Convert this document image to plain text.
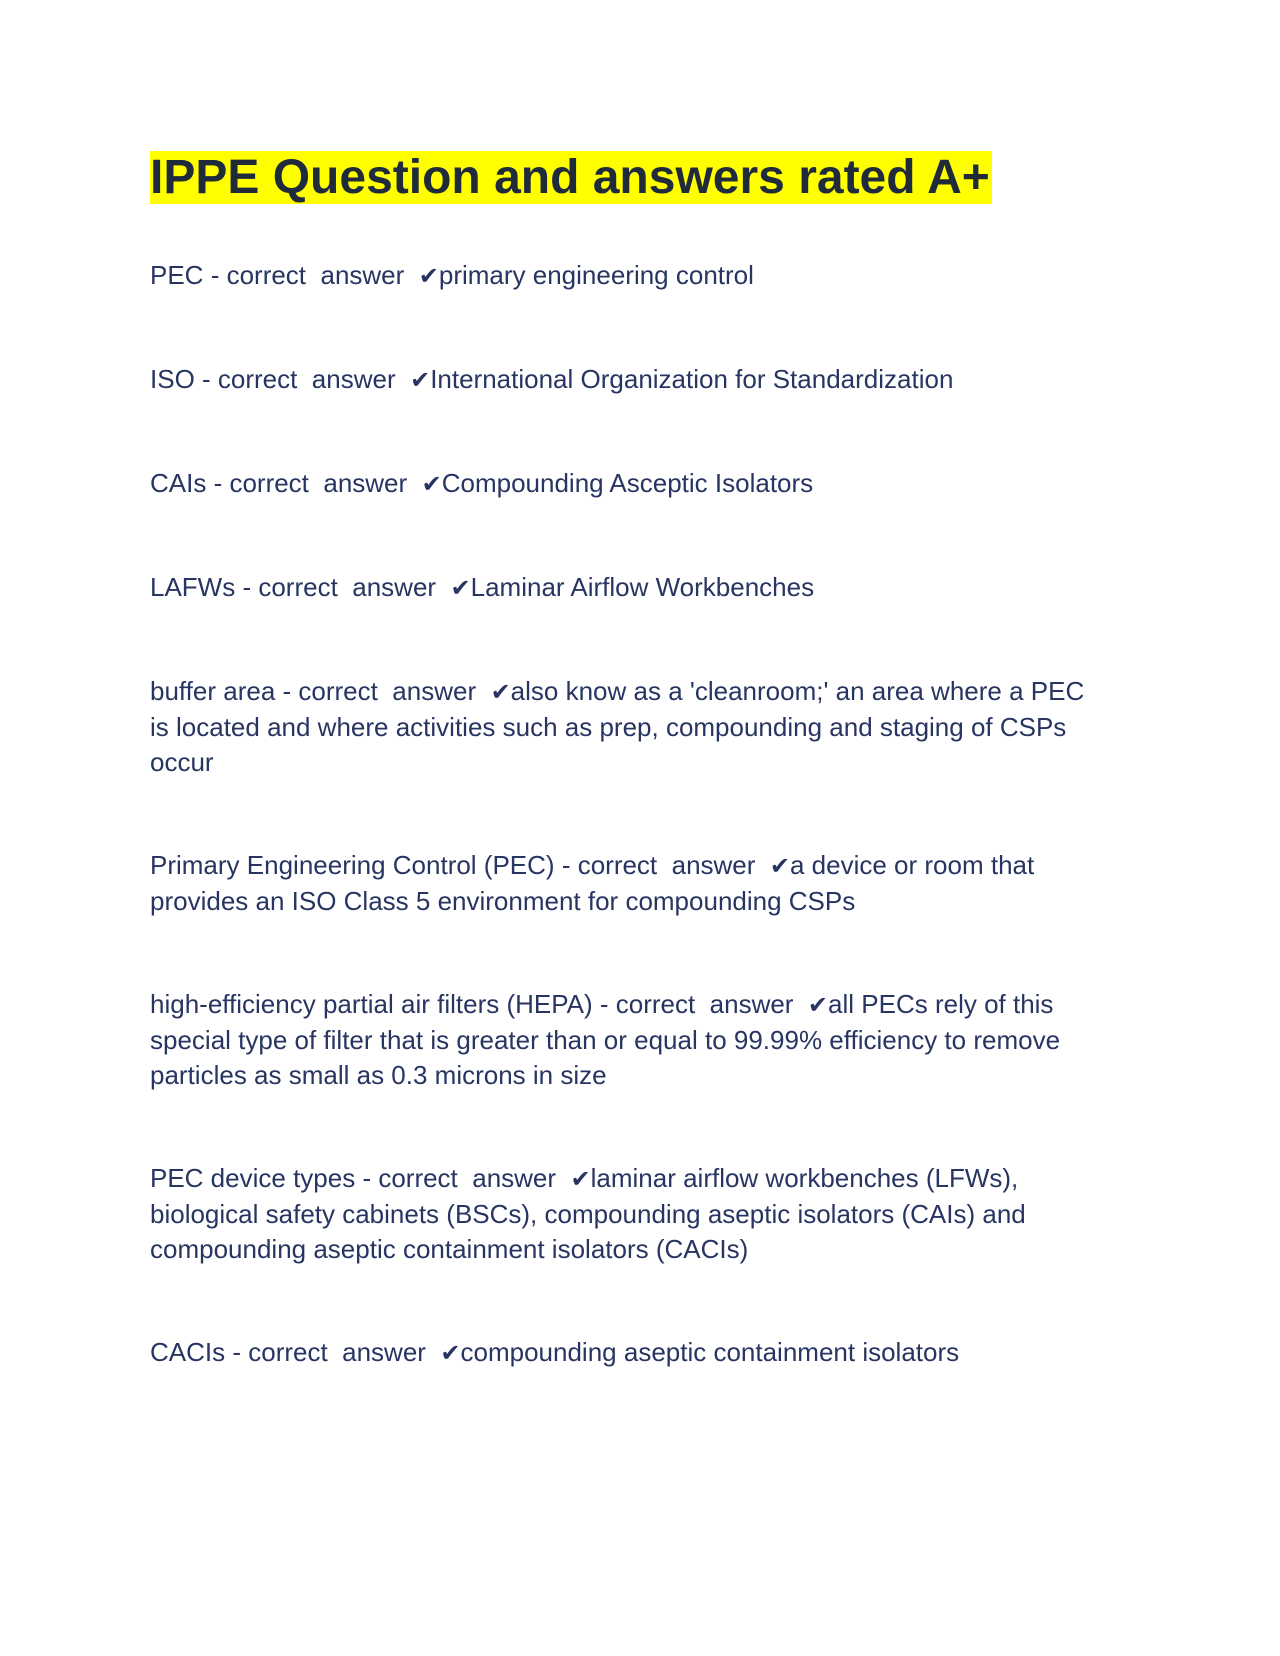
IPPE Question and answers rated A+

PEC - correct  answer  ✔primary engineering control

ISO - correct  answer  ✔International Organization for Standardization

CAIs - correct  answer  ✔Compounding Asceptic Isolators

LAFWs - correct  answer  ✔Laminar Airflow Workbenches

buffer area - correct  answer  ✔also know as a 'cleanroom;' an area where a PEC is located and where activities such as prep, compounding and staging of CSPs occur

Primary Engineering Control (PEC) - correct  answer  ✔a device or room that provides an ISO Class 5 environment for compounding CSPs

high-efficiency partial air filters (HEPA) - correct  answer  ✔all PECs rely of this special type of filter that is greater than or equal to 99.99% efficiency to remove particles as small as 0.3 microns in size

PEC device types - correct  answer  ✔laminar airflow workbenches (LFWs), biological safety cabinets (BSCs), compounding aseptic isolators (CAIs) and compounding aseptic containment isolators (CACIs)

CACIs - correct  answer  ✔compounding aseptic containment isolators
